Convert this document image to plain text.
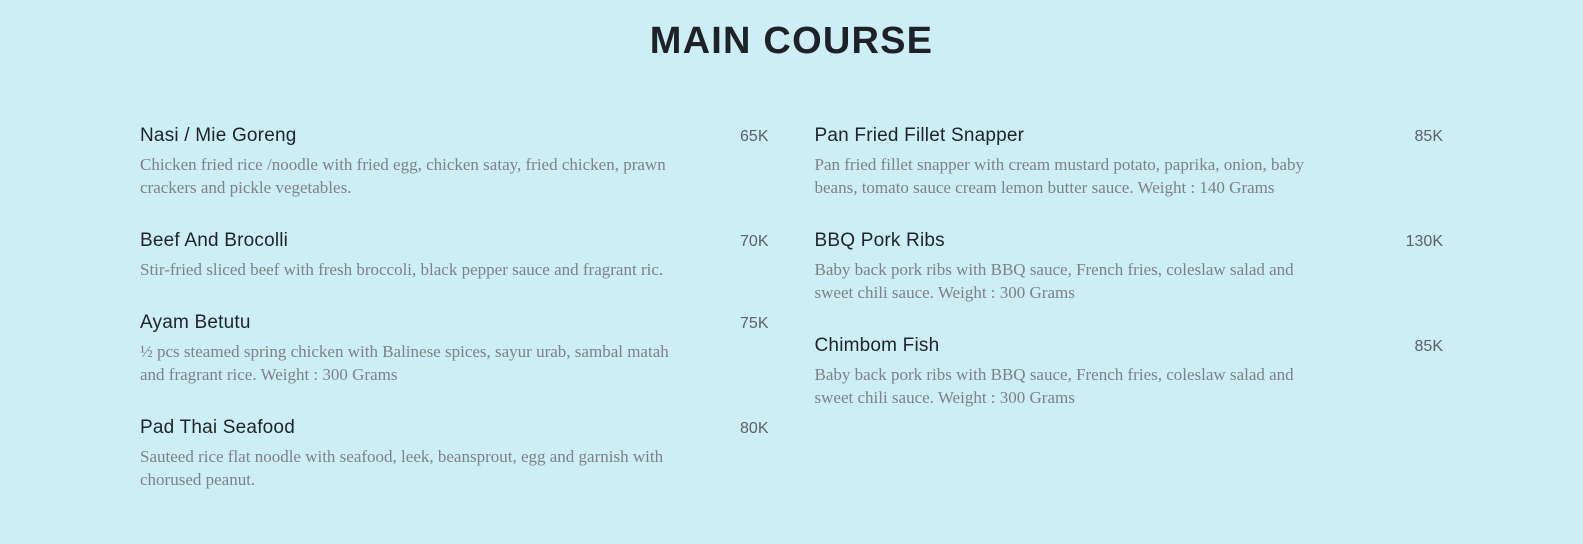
MAIN COURSE
Nasi / Mie Goreng	65K
Chicken fried rice /noodle with fried egg, chicken satay, fried chicken, prawn crackers and pickle vegetables.
Beef And Brocolli	70K
Stir-fried sliced beef with fresh broccoli, black pepper sauce and fragrant ric.
Ayam Betutu	75K
½ pcs steamed spring chicken with Balinese spices, sayur urab, sambal matah and fragrant rice. Weight : 300 Grams
Pad Thai Seafood	80K
Sauteed rice flat noodle with seafood, leek, beansprout, egg and garnish with chorused peanut.
Pan Fried Fillet Snapper	85K
Pan fried fillet snapper with cream mustard potato, paprika, onion, baby beans, tomato sauce cream lemon butter sauce. Weight : 140 Grams
BBQ Pork Ribs	130K
Baby back pork ribs with BBQ sauce, French fries, coleslaw salad and sweet chili sauce. Weight : 300 Grams
Chimbom Fish	85K
Baby back pork ribs with BBQ sauce, French fries, coleslaw salad and sweet chili sauce. Weight : 300 Grams
